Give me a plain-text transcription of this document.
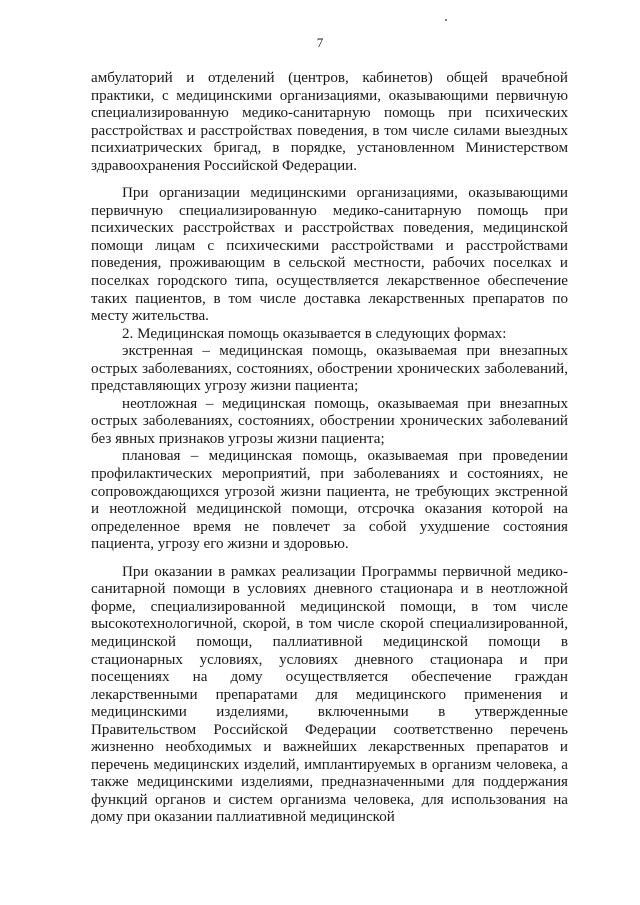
7

амбулаторий и отделений (центров, кабинетов) общей врачебной практики, с медицинскими организациями, оказывающими первичную специализированную медико-санитарную помощь при психических расстройствах и расстройствах поведения, в том числе силами выездных психиатрических бригад, в порядке, установленном Министерством здравоохранения Российской Федерации.

При организации медицинскими организациями, оказывающими первичную специализированную медико-санитарную помощь при психических расстройствах и расстройствах поведения, медицинской помощи лицам с психическими расстройствами и расстройствами поведения, проживающим в сельской местности, рабочих поселках и поселках городского типа, осуществляется лекарственное обеспечение таких пациентов, в том числе доставка лекарственных препаратов по месту жительства.

2. Медицинская помощь оказывается в следующих формах:

экстренная – медицинская помощь, оказываемая при внезапных острых заболеваниях, состояниях, обострении хронических заболеваний, представляющих угрозу жизни пациента;

неотложная – медицинская помощь, оказываемая при внезапных острых заболеваниях, состояниях, обострении хронических заболеваний без явных признаков угрозы жизни пациента;

плановая – медицинская помощь, оказываемая при проведении профилактических мероприятий, при заболеваниях и состояниях, не сопровождающихся угрозой жизни пациента, не требующих экстренной и неотложной медицинской помощи, отсрочка оказания которой на определенное время не повлечет за собой ухудшение состояния пациента, угрозу его жизни и здоровью.

При оказании в рамках реализации Программы первичной медико-санитарной помощи в условиях дневного стационара и в неотложной форме, специализированной медицинской помощи, в том числе высокотехнологичной, скорой, в том числе скорой специализированной, медицинской помощи, паллиативной медицинской помощи в стационарных условиях, условиях дневного стационара и при посещениях на дому осуществляется обеспечение граждан лекарственными препаратами для медицинского применения и медицинскими изделиями, включенными в утвержденные Правительством Российской Федерации соответственно перечень жизненно необходимых и важнейших лекарственных препаратов и перечень медицинских изделий, имплантируемых в организм человека, а также медицинскими изделиями, предназначенными для поддержания функций органов и систем организма человека, для использования на дому при оказании паллиативной медицинской
